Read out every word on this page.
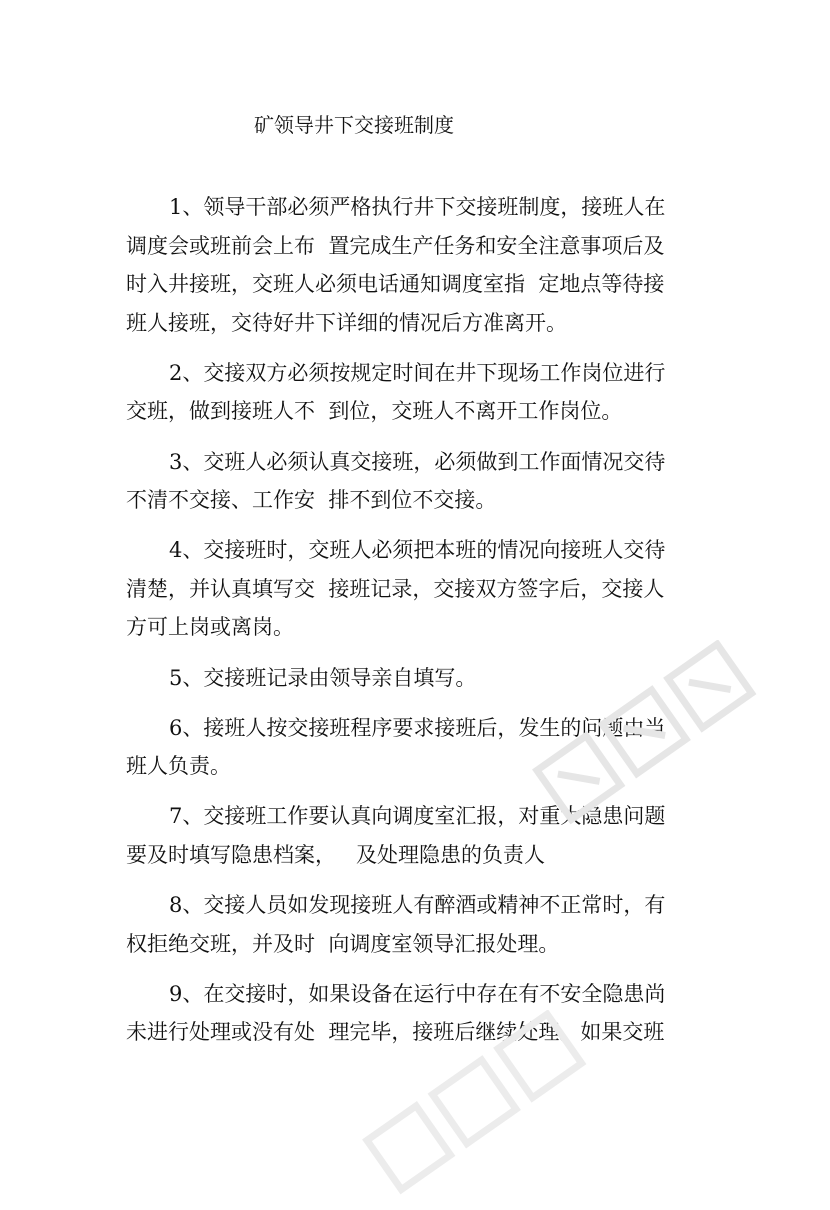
矿领导井下交接班制度
1、领导干部必须严格执行井下交接班制度，接班人在
调度会或班前会上布  置完成生产任务和安全注意事项后及
时入井接班，交班人必须电话通知调度室指  定地点等待接
班人接班，交待好井下详细的情况后方准离开。
2、交接双方必须按规定时间在井下现场工作岗位进行
交班，做到接班人不  到位，交班人不离开工作岗位。
3、交班人必须认真交接班，必须做到工作面情况交待
不清不交接、工作安  排不到位不交接。
4、交接班时，交班人必须把本班的情况向接班人交待
清楚，并认真填写交  接班记录，交接双方签字后，交接人
方可上岗或离岗。
5、交接班记录由领导亲自填写。
6、接班人按交接班程序要求接班后，发生的问题由当
班人负责。
7、交接班工作要认真向调度室汇报，对重大隐患问题
要及时填写隐患档案，   及处理隐患的负责人
8、交接人员如发现接班人有醉酒或精神不正常时，有
权拒绝交班，并及时  向调度室领导汇报处理。
9、在交接时，如果设备在运行中存在有不安全隐患尚
未进行处理或没有处  理完毕，接班后继续处理。如果交班
